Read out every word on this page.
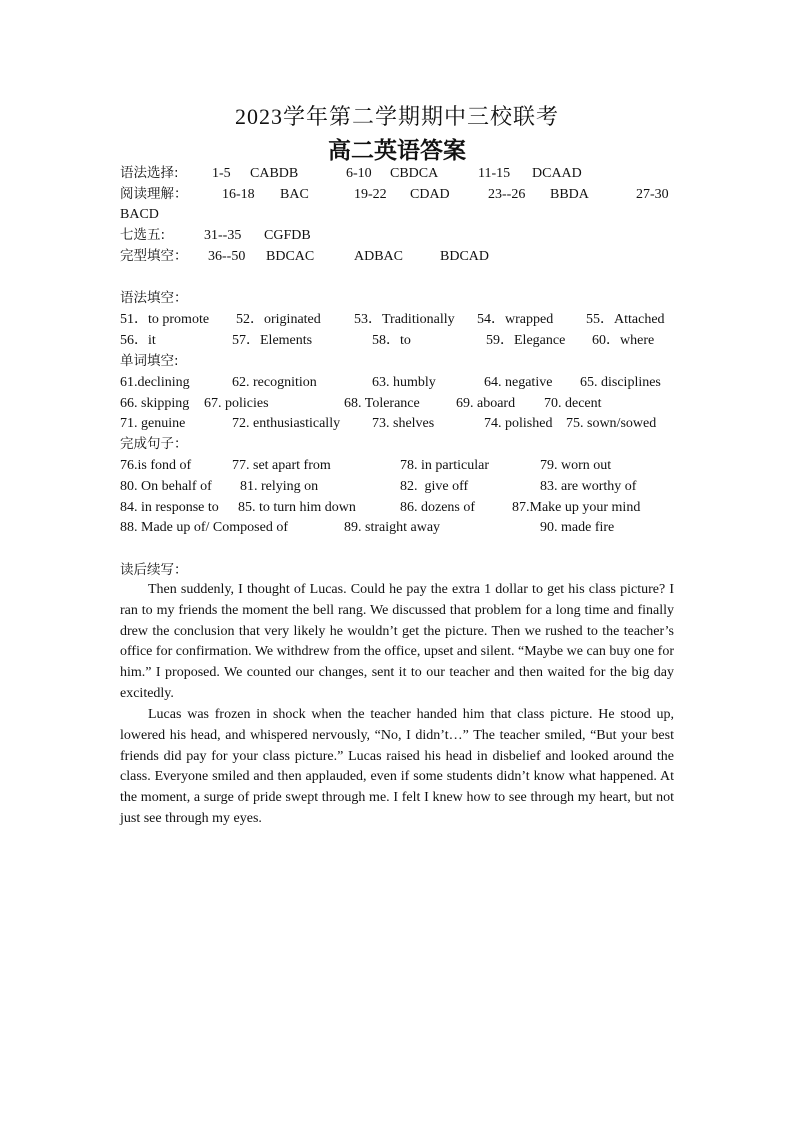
2023学年第二学期期中三校联考
高二英语答案
语法选择: 1-5 CABDB	6-10 CBDCA	11-15 DCAAD
阅读理解： 16-18 BAC	19-22 CDAD	23--26 BBDA	27-30
BACD
七选五:	31--35 CGFDB
完型填空： 36--50 BDCAC	ADBAC	BDCAD
语法填空：
51．to promote 52．originated 53．Traditionally 54．wrapped 55．Attached
56．it	57．Elements	58．to	59．Elegance 60．where
单词填空:
61.declining	62. recognition	63. humbly	64. negative 65. disciplines
66. skipping 67. policies	68. Tolerance	69. aboard 70. decent
71. genuine	72. enthusiastically 73. shelves	74. polished 75. sown/sowed
完成句子：
76.is fond of	77. set apart from	78. in particular	79. worn out
80. On behalf of 81. relying on	82.  give off	83. are worthy of
84. in response to 85. to turn him down	86. dozens of	87.Make up your mind
88. Made up of/ Composed of	89. straight away	90. made fire
读后续写：

Then suddenly, I thought of Lucas. Could he pay the extra 1 dollar to get his class picture? I ran to my friends the moment the bell rang. We discussed that problem for a long time and finally drew the conclusion that very likely he wouldn’t get the picture. Then we rushed to the teacher’s office for confirmation. We withdrew from the office, upset and silent. “Maybe we can buy one for him.” I proposed. We counted our changes, sent it to our teacher and then waited for the big day excitedly.

Lucas was frozen in shock when the teacher handed him that class picture. He stood up, lowered his head, and whispered nervously, “No, I didn’t…” The teacher smiled, “But your best friends did pay for your class picture.” Lucas raised his head in disbelief and looked around the class. Everyone smiled and then applauded, even if some students didn’t know what happened. At the moment, a surge of pride swept through me. I felt I knew how to see through my heart, but not just see through my eyes.
